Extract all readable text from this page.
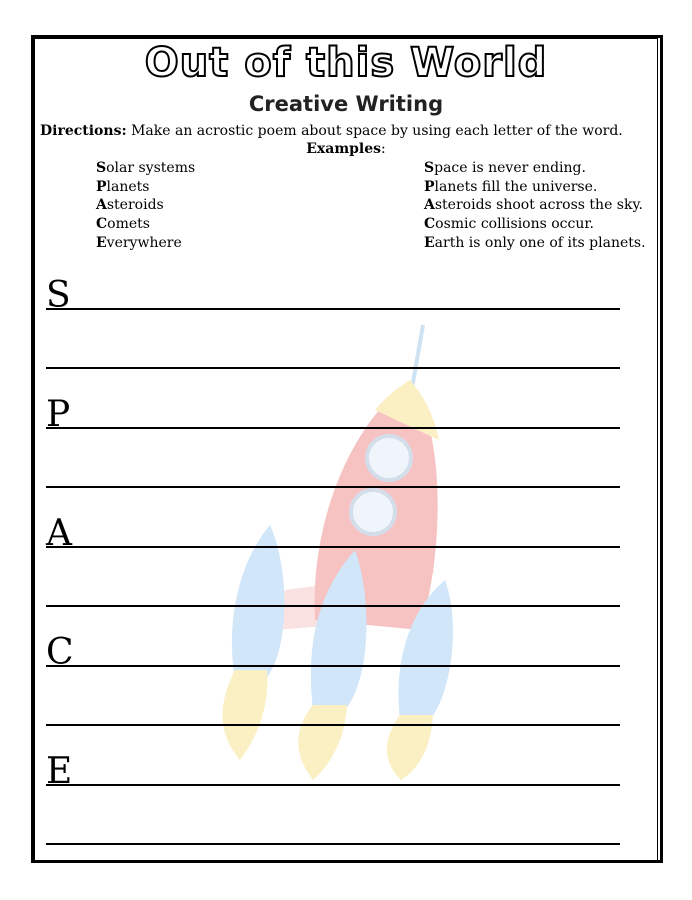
Out of this World
Creative Writing
Directions: Make an acrostic poem about space by using each letter of the word.
Examples:
Solar systems
Planets
Asteroids
Comets
Everywhere
Space is never ending.
Planets fill the universe.
Asteroids shoot across the sky.
Cosmic collisions occur.
Earth is only one of its planets.
S
P
A
C
E
